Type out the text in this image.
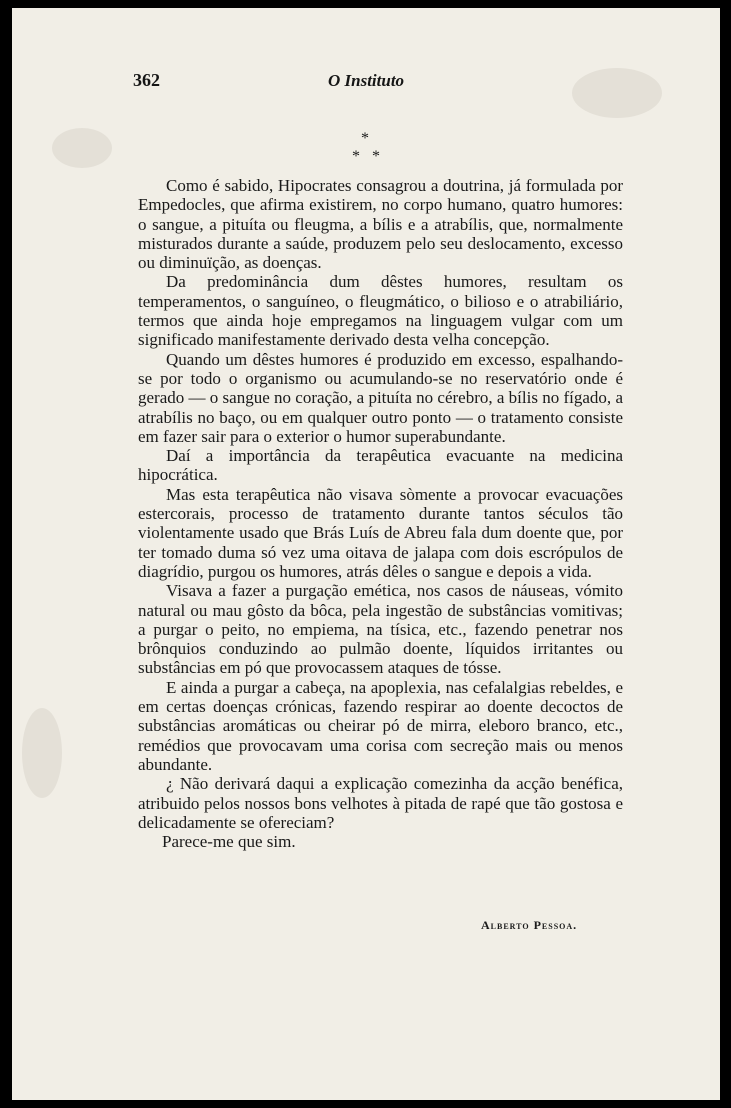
362	O Instituto
*
* *

Como é sabido, Hipocrates consagrou a doutrina, já formulada por Empedocles, que afirma existirem, no corpo humano, quatro humores: o sangue, a pituíta ou fleugma, a bílis e a atrabílis, que, normalmente misturados durante a saúde, produzem pelo seu deslocamento, excesso ou diminuïção, as doenças.

Da predominância dum dêstes humores, resultam os temperamentos, o sanguíneo, o fleugmático, o bilioso e o atrabiliário, termos que ainda hoje empregamos na linguagem vulgar com um significado manifestamente derivado desta velha concepção.

Quando um dêstes humores é produzido em excesso, espalhando-se por todo o organismo ou acumulando-se no reservatório onde é gerado — o sangue no coração, a pituíta no cérebro, a bílis no fígado, a atrabílis no baço, ou em qualquer outro ponto — o tratamento consiste em fazer sair para o exterior o humor superabundante.

Daí a importância da terapêutica evacuante na medicina hipocrática.

Mas esta terapêutica não visava sòmente a provocar evacuações estercorais, processo de tratamento durante tantos séculos tão violentamente usado que Brás Luís de Abreu fala dum doente que, por ter tomado duma só vez uma oitava de jalapa com dois escrópulos de diagrídio, purgou os humores, atrás dêles o sangue e depois a vida.

Visava a fazer a purgação emética, nos casos de náuseas, vómito natural ou mau gôsto da bôca, pela ingestão de substâncias vomitivas; a purgar o peito, no empiema, na tísica, etc., fazendo penetrar nos brônquios conduzindo ao pulmão doente, líquidos irritantes ou substâncias em pó que provocassem ataques de tósse.

E ainda a purgar a cabeça, na apoplexia, nas cefalalgias rebeldes, e em certas doenças crónicas, fazendo respirar ao doente decoctos de substâncias aromáticas ou cheirar pó de mirra, eleboro branco, etc., remédios que provocavam uma corisa com secreção mais ou menos abundante.

¿ Não derivará daqui a explicação comezinha da acção benéfica, atribuido pelos nossos bons velhotes à pitada de rapé que tão gostosa e delicadamente se ofereciam?

Parece-me que sim.

Alberto Pessoa.
